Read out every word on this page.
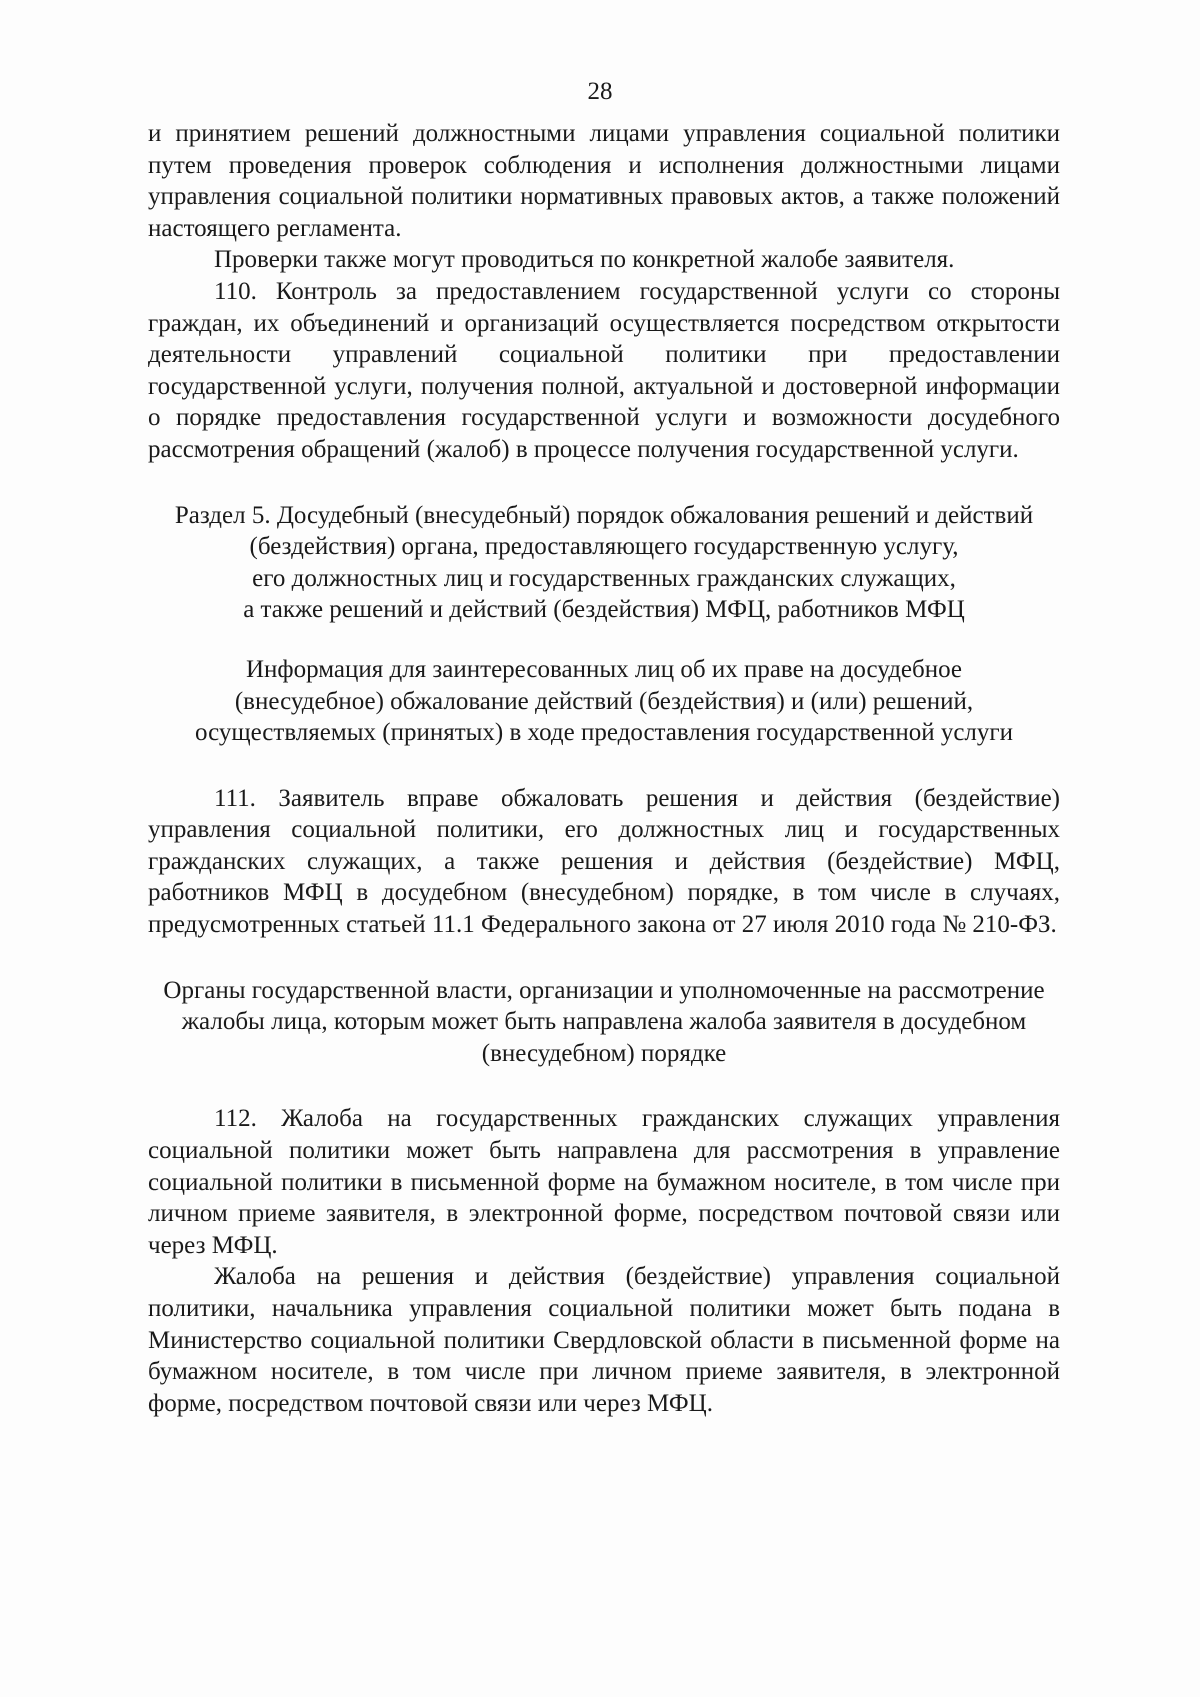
28

и принятием решений должностными лицами управления социальной политики путем проведения проверок соблюдения и исполнения должностными лицами управления социальной политики нормативных правовых актов, а также положений настоящего регламента.

Проверки также могут проводиться по конкретной жалобе заявителя.

110. Контроль за предоставлением государственной услуги со стороны граждан, их объединений и организаций осуществляется посредством открытости деятельности управлений социальной политики при предоставлении государственной услуги, получения полной, актуальной и достоверной информации о порядке предоставления государственной услуги и возможности досудебного рассмотрения обращений (жалоб) в процессе получения государственной услуги.

Раздел 5. Досудебный (внесудебный) порядок обжалования решений и действий
(бездействия) органа, предоставляющего государственную услугу,
его должностных лиц и государственных гражданских служащих,
а также решений и действий (бездействия) МФЦ, работников МФЦ
Информация для заинтересованных лиц об их праве на досудебное
(внесудебное) обжалование действий (бездействия) и (или) решений,
осуществляемых (принятых) в ходе предоставления государственной услуги

111. Заявитель вправе обжаловать решения и действия (бездействие) управления социальной политики, его должностных лиц и государственных гражданских служащих, а также решения и действия (бездействие) МФЦ, работников МФЦ в досудебном (внесудебном) порядке, в том числе в случаях, предусмотренных статьей 11.1 Федерального закона от 27 июля 2010 года № 210-ФЗ.

Органы государственной власти, организации и уполномоченные на рассмотрение
жалобы лица, которым может быть направлена жалоба заявителя в досудебном
(внесудебном) порядке

112. Жалоба на государственных гражданских служащих управления социальной политики может быть направлена для рассмотрения в управление социальной политики в письменной форме на бумажном носителе, в том числе при личном приеме заявителя, в электронной форме, посредством почтовой связи или через МФЦ.

Жалоба на решения и действия (бездействие) управления социальной политики, начальника управления социальной политики может быть подана в Министерство социальной политики Свердловской области в письменной форме на бумажном носителе, в том числе при личном приеме заявителя, в электронной форме, посредством почтовой связи или через МФЦ.
